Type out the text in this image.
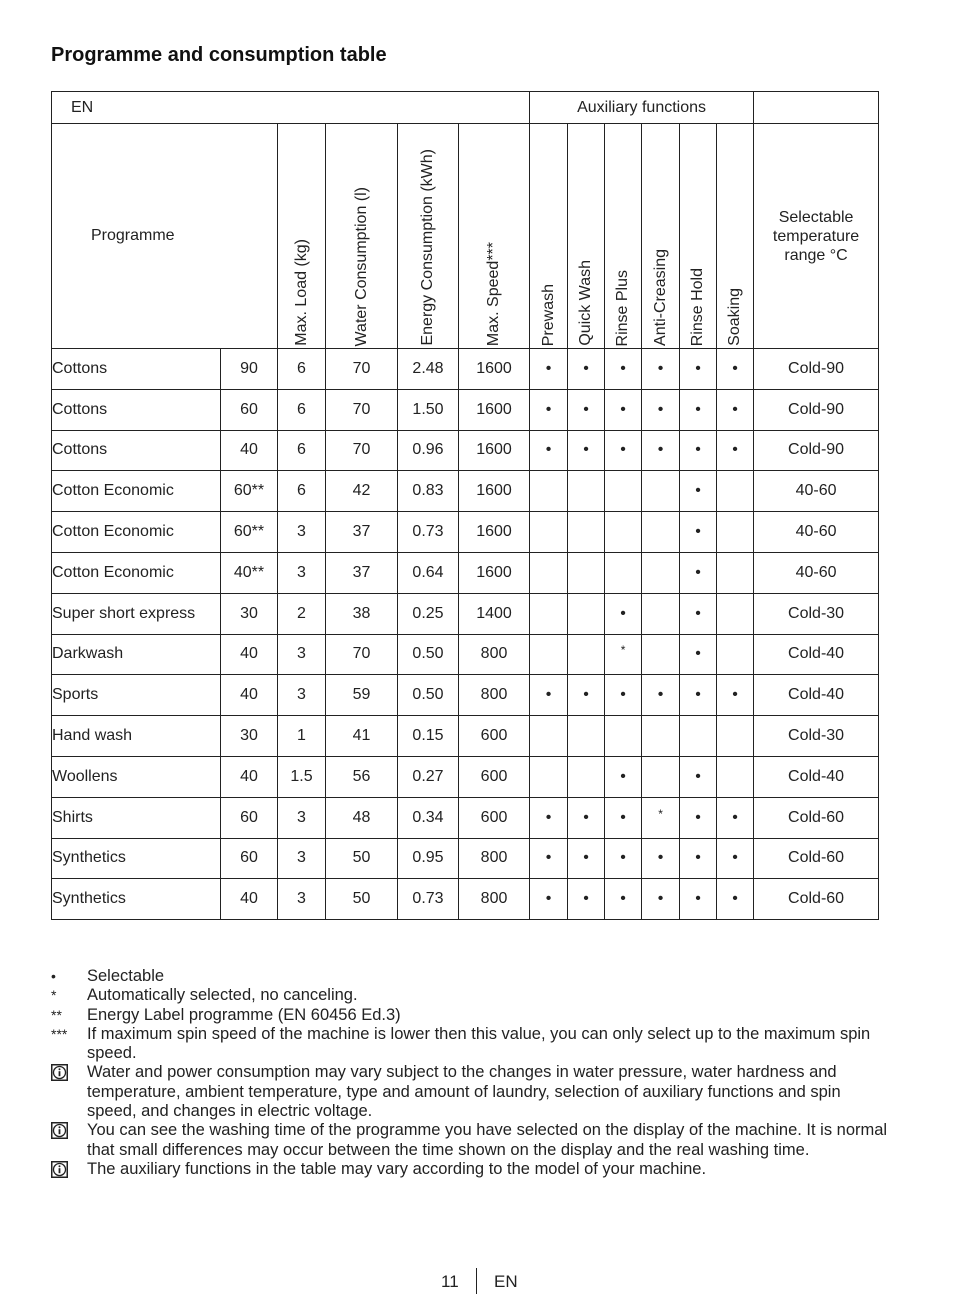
Programme and consumption table
EN						Auxiliary functions						
Programme		Max. Load (kg)	Water Consumption (l)	Energy Consumption (kWh)	Max. Speed***	Prewash	Quick Wash	Rinse Plus	Anti-Creasing	Rinse Hold	Soaking	Selectable temperature range °C
Cottons	90	6	70	2.48	1600	•	•	•	•	•	•	Cold-90
Cottons	60	6	70	1.50	1600	•	•	•	•	•	•	Cold-90
Cottons	40	6	70	0.96	1600	•	•	•	•	•	•	Cold-90
Cotton Economic	60**	6	42	0.83	1600					•		40-60
Cotton Economic	60**	3	37	0.73	1600					•		40-60
Cotton Economic	40**	3	37	0.64	1600					•		40-60
Super short express	30	2	38	0.25	1400			•		•		Cold-30
Darkwash	40	3	70	0.50	800			*		•		Cold-40
Sports	40	3	59	0.50	800	•	•	•	•	•	•	Cold-40
Hand wash	30	1	41	0.15	600							Cold-30
Woollens	40	1.5	56	0.27	600			•		•		Cold-40
Shirts	60	3	48	0.34	600	•	•	•	*	•	•	Cold-60
Synthetics	60	3	50	0.95	800	•	•	•	•	•	•	Cold-60
Synthetics	40	3	50	0.73	800	•	•	•	•	•	•	Cold-60
•	Selectable
*	Automatically selected, no canceling.
**	Energy Label programme (EN 60456 Ed.3)
***	If maximum spin speed of the machine is lower then this value, you can only select up to the maximum spin speed.
Water and power consumption may vary subject to the changes in water pressure, water hardness and temperature, ambient temperature, type and amount of laundry, selection of auxiliary functions and spin speed, and changes in electric voltage.
You can see the washing time of the programme you have selected on the display of the machine. It is normal that small differences may occur between the time shown on the display and the real washing time.
The auxiliary functions in the table may vary according to the model of your machine.
11 EN
